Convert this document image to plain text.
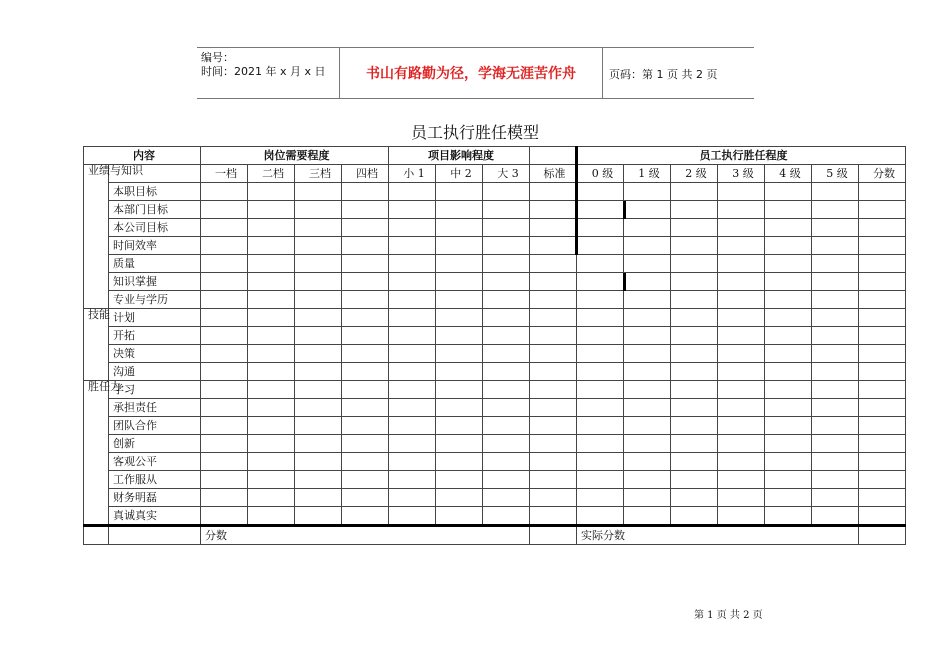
编号：
时间：2021 年 x 月 x 日	书山有路勤为径，学海无涯苦作舟	页码：第 1 页 共 2 页
员工执行胜任模型
内容		岗位需要程度				项目影响程度				员工执行胜任程度						
业绩与知识		一档	二档	三档	四档	小 1	中 2	大 3	标准	0 级	1 级	2 级	3 级	4 级	5 级	分数
	本职目标															
	本部门目标															
	本公司目标															
	时间效率															
	质量															
	知识掌握															
	专业与学历															
技能	计划															
	开拓															
	决策															
	沟通															
胜任力	学习															
	承担责任															
	团队合作															
	创新															
	客观公平															
	工作服从															
	财务明磊															
	真诚真实															
		分数								实际分数						
第 1 页 共 2 页
